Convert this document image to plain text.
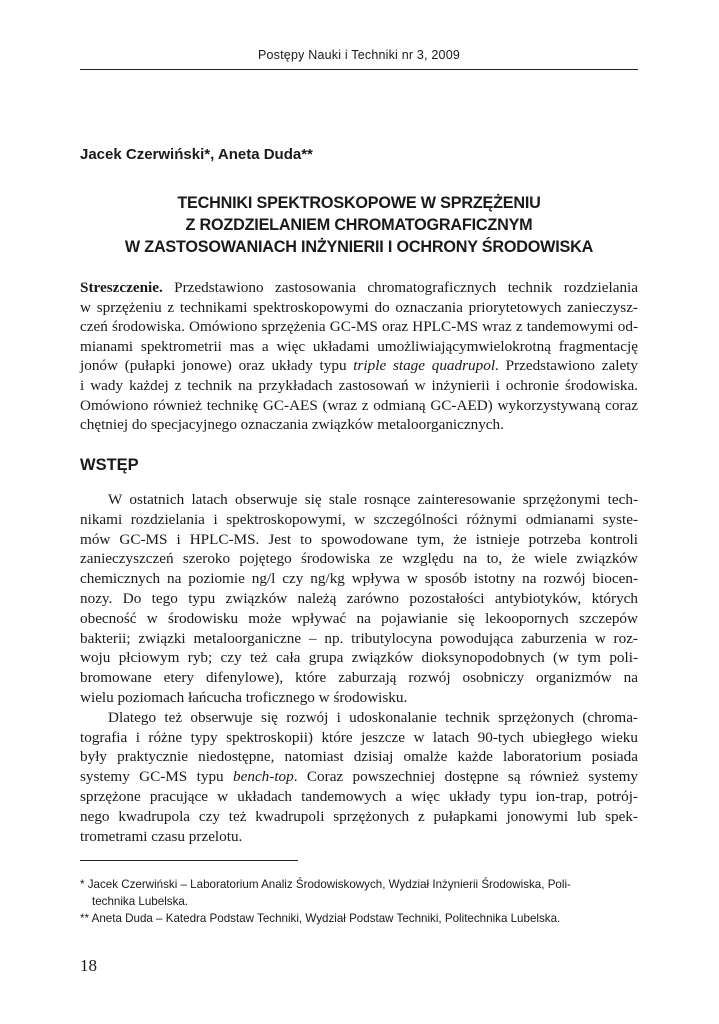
Postępy Nauki i Techniki nr 3, 2009
Jacek Czerwiński*, Aneta Duda**
TECHNIKI SPEKTROSKOPOWE W SPRZĘŻENIU
Z ROZDZIELANIEM CHROMATOGRAFICZNYM
W ZASTOSOWANIACH INŻYNIERII I OCHRONY ŚRODOWISKA
Streszczenie. Przedstawiono zastosowania chromatograficznych technik rozdzielania
w sprzężeniu z technikami spektroskopowymi do oznaczania priorytetowych zanieczysz-
czeń środowiska. Omówiono sprzężenia GC-MS oraz HPLC-MS wraz z tandemowymi od-
mianami spektrometrii mas a więc układami umożliwiającymwielokrotną fragmentację
jonów (pułapki jonowe) oraz układy typu triple stage quadrupol. Przedstawiono zalety
i wady każdej z technik na przykładach zastosowań w inżynierii i ochronie środowiska.
Omówiono również technikę GC-AES (wraz z odmianą GC-AED) wykorzystywaną coraz
chętniej do specjacyjnego oznaczania związków metaloorganicznych.
WSTĘP
W ostatnich latach obserwuje się stale rosnące zainteresowanie sprzężonymi tech-
nikami rozdzielania i spektroskopowymi, w szczególności różnymi odmianami syste-
mów GC-MS i HPLC-MS. Jest to spowodowane tym, że istnieje potrzeba kontroli
zanieczyszczeń szeroko pojętego środowiska ze względu na to, że wiele związków
chemicznych na poziomie ng/l czy ng/kg wpływa w sposób istotny na rozwój biocen-
nozy. Do tego typu związków należą zarówno pozostałości antybiotyków, których
obecność w środowisku może wpływać na pojawianie się lekoopornych szczepów
bakterii; związki metaloorganiczne – np. tributylocyna powodująca zaburzenia w roz-
woju płciowym ryb; czy też cała grupa związków dioksynopodobnych (w tym poli-
bromowane etery difenylowe), które zaburzają rozwój osobniczy organizmów na
wielu poziomach łańcucha troficznego w środowisku.
Dlatego też obserwuje się rozwój i udoskonalanie technik sprzężonych (chroma-
tografia i różne typy spektroskopii) które jeszcze w latach 90-tych ubiegłego wieku
były praktycznie niedostępne, natomiast dzisiaj omalże każde laboratorium posiada
systemy GC-MS typu bench-top. Coraz powszechniej dostępne są również systemy
sprzężone pracujące w układach tandemowych a więc układy typu ion-trap, potrój-
nego kwadrupola czy też kwadrupoli sprzężonych z pułapkami jonowymi lub spek-
trometrami czasu przelotu.
* Jacek Czerwiński – Laboratorium Analiz Środowiskowych, Wydział Inżynierii Środowiska, Poli-
technika Lubelska.
** Aneta Duda – Katedra Podstaw Techniki, Wydział Podstaw Techniki, Politechnika Lubelska.
18
